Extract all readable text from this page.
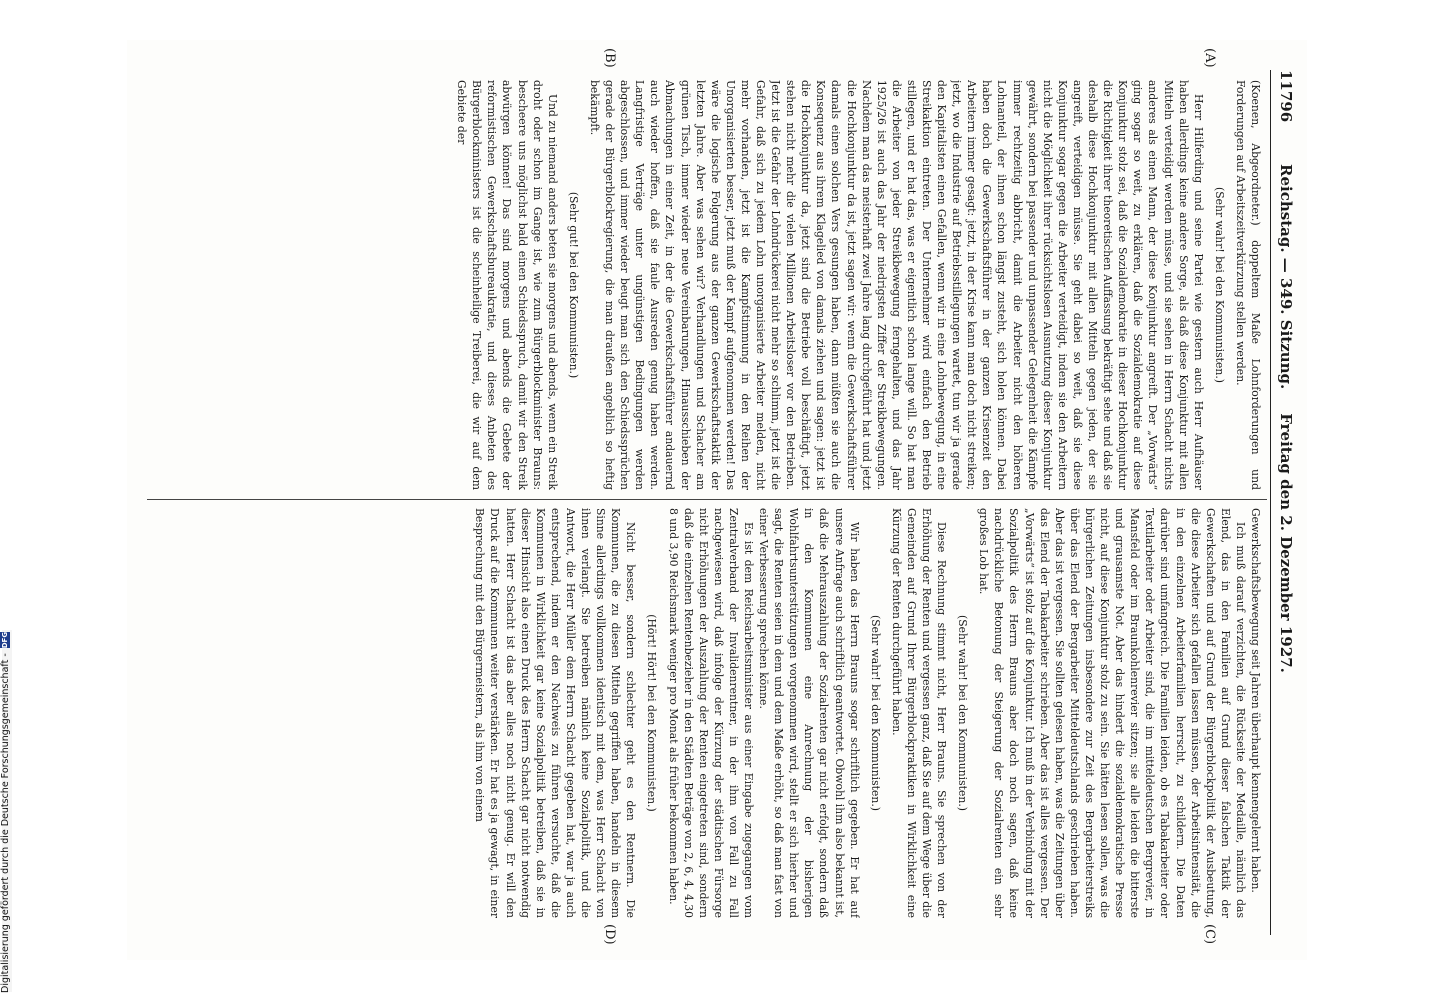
11796
Reichstag. — 349. Sitzung.
Freitag den 2. Dezember 1927.
(A)
(B)
(C)
(D)

(Koenen, Abgeordneter.) doppeltem Maße Lohnforderungen und Forderungen auf Arbeitszeitverkürzung stellen werden.

(Sehr wahr! bei den Kommunisten.)

Herr Hilferding und seine Partei wie gestern auch Herr Aufhäuser haben allerdings keine andere Sorge, als daß diese Konjunktur mit allen Mitteln verteidigt werden müsse, und sie sehen in Herrn Schacht nichts anderes als einen Mann, der diese Konjunktur angreift. Der „Vorwärts“ ging sogar so weit, zu erklären, daß die Sozialdemokratie auf diese Konjunktur stolz sei, daß die Sozialdemokratie in dieser Hochkonjunktur die Richtigkeit ihrer theoretischen Auffassung bekräftigt sehe und daß sie deshalb diese Hochkonjunktur mit allen Mitteln gegen jeden, der sie angreift, verteidigen müsse. Sie geht dabei so weit, daß sie diese Konjunktur sogar gegen die Arbeiter verteidigt, indem sie den Arbeitern nicht die Möglichkeit ihrer rücksichtslosen Ausnutzung dieser Konjunktur gewährt, sondern bei passender und unpassender Gelegenheit die Kämpfe immer rechtzeitig abbricht, damit die Arbeiter nicht den höheren Lohnanteil, der ihnen schon längst zusteht, sich holen können. Dabei haben doch die Gewerkschaftsführer in der ganzen Krisenzeit den Arbeitern immer gesagt: jetzt, in der Krise kann man doch nicht streiken; jetzt, wo die Industrie auf Betriebsstillegungen wartet, tun wir ja gerade den Kapitalisten einen Gefallen, wenn wir in eine Lohnbewegung, in eine Streikaktion eintreten. Der Unternehmer wird einfach den Betrieb stillegen, und er hat das, was er eigentlich schon lange will. So hat man die Arbeiter von jeder Streikbewegung ferngehalten, und das Jahr 1925/26 ist auch das Jahr der niedrigsten Ziffer der Streikbewegungen. Nachdem man das meisterhaft zwei Jahre lang durchgeführt hat und jetzt die Hochkonjunktur da ist, jetzt sagen wir: wenn die Gewerkschaftsführer damals einen solchen Vers gesungen haben, dann müßten sie auch die Konsequenz aus ihrem Klagelied von damals ziehen und sagen: jetzt ist die Hochkonjunktur da, jetzt sind die Betriebe voll beschäftigt, jetzt stehen nicht mehr die vielen Millionen Arbeitsloser vor den Betrieben. Jetzt ist die Gefahr der Lohndrückerei nicht mehr so schlimm, jetzt ist die Gefahr, daß sich zu jedem Lohn unorganisierte Arbeiter melden, nicht mehr vorhanden, jetzt ist die Kampfstimmung in den Reihen der Unorganisierten besser, jetzt muß der Kampf aufgenommen werden! Das wäre die logische Folgerung aus der ganzen Gewerkschaftstaktik der letzten Jahre. Aber was sehen wir? Verhandlungen und Schacher am grünen Tisch, immer wieder neue Vereinbarungen, Hinausschieben der Abmachungen in einer Zeit, in der die Gewerkschaftsführer andauernd auch wieder hoffen, daß sie faule Ausreden genug haben werden. Langfristige Verträge unter ungünstigen Bedingungen werden abgeschlossen, und immer wieder beugt man sich den Schiedssprüchen gerade der Bürgerblockregierung, die man draußen angeblich so heftig bekämpft.

(Sehr gut! bei den Kommunisten.)

Und zu niemand anders beten sie morgens und abends, wenn ein Streik droht oder schon im Gange ist, wie zum Bürgerblockminister Brauns: bescheere uns möglichst bald einen Schiedsspruch, damit wir den Streik abwürgen können! Das sind morgens und abends die Gebete der reformistischen Gewerkschaftsbureaukratie, und dieses Anbeten des Bürgerblockministers ist die scheinheilige Treiberei, die wir auf dem Gebiete der

Gewerkschaftsbewegung seit Jahren überhaupt kennengelernt haben.

Ich muß darauf verzichten, die Rückseite der Medaille, nämlich das Elend, das in den Familien auf Grund dieser falschen Taktik der Gewerkschaften und auf Grund der Bürgerblockpolitik der Ausbeutung, die diese Arbeiter sich gefallen lassen müssen, der Arbeitsintensität, die in den einzelnen Arbeiterfamilien herrscht, zu schildern. Die Daten darüber sind umfangreich. Die Familien leiden, ob es Tabakarbeiter oder Textilarbeiter oder Arbeiter sind, die im mitteldeutschen Bergrevier, in Mansfeld oder im Braunkohlenrevier sitzen; sie alle leiden die bitterste und grausamste Not. Aber das hindert die sozialdemokratische Presse nicht, auf diese Konjunktur stolz zu sein. Sie hätten lesen sollen, was die bürgerlichen Zeitungen insbesondere zur Zeit des Bergarbeiterstreiks über das Elend der Bergarbeiter Mitteldeutschlands geschrieben haben. Aber das ist vergessen. Sie sollten gelesen haben, was die Zeitungen über das Elend der Tabakarbeiter schrieben. Aber das ist alles vergessen. Der „Vorwärts“ ist stolz auf die Konjunktur. Ich muß in der Verbindung mit der Sozialpolitik des Herrn Brauns aber doch noch sagen, daß keine nachdrückliche Betonung der Steigerung der Sozialrenten ein sehr großes Lob hat.

(Sehr wahr! bei den Kommunisten.)

Diese Rechnung stimmt nicht, Herr Brauns. Sie sprechen von der Erhöhung der Renten und vergessen ganz, daß Sie auf dem Wege über die Gemeinden auf Grund Ihrer Bürgerblockpraktiken in Wirklichkeit eine Kürzung der Renten durchgeführt haben.

(Sehr wahr! bei den Kommunisten.)

Wir haben das Herrn Brauns sogar schriftlich gegeben. Er hat auf unsere Anfrage auch schriftlich geantwortet. Obwohl ihm also bekannt ist, daß die Mehrauszahlung der Sozialrenten gar nicht erfolgt, sondern daß in den Kommunen eine Anrechnung der bisherigen Wohlfahrtsunterstützungen vorgenommen wird, stellt er sich hierher und sagt, die Renten seien in dem und dem Maße erhöht, so daß man fast von einer Verbesserung sprechen könne.

Es ist dem Reichsarbeitsminister aus einer Eingabe zugegangen vom Zentralverband der Invalidenrentner, in der ihm von Fall zu Fall nachgewiesen wird, daß infolge der Kürzung der städtischen Fürsorge nicht Erhöhungen der Auszahlung der Renten eingetreten sind, sondern daß die einzelnen Rentenbezieher in den Städten Beträge von 2, 6, 4, 4,30 8 und 3,90 Reichsmark weniger pro Monat als früher bekommen haben.

(Hört! Hört! bei den Kommunisten.)

Nicht besser, sondern schlechter geht es den Rentnern. Die Kommunen, die zu diesen Mitteln gegriffen haben, handeln in diesem Sinne allerdings vollkommen identisch mit dem, was Herr Schacht von ihnen verlangt. Sie betreiben nämlich keine Sozialpolitik, und die Antwort, die Herr Müller dem Herrn Schacht gegeben hat, war ja auch entsprechend, indem er den Nachweis zu führen versuchte, daß die Kommunen in Wirklichkeit gar keine Sozialpolitik betreiben, daß sie in dieser Hinsicht also einen Druck des Herrn Schacht gar nicht notwendig hatten. Herr Schacht ist das aber alles noch nicht genug. Er will den Druck auf die Kommunen weiter verstärken. Er hat es ja gewagt, in einer Besprechung mit den Bürgermeistern, als ihm von einem

Digitalisierung gefördert durch die Deutsche Forschungsgemeinschaft -
DFG
